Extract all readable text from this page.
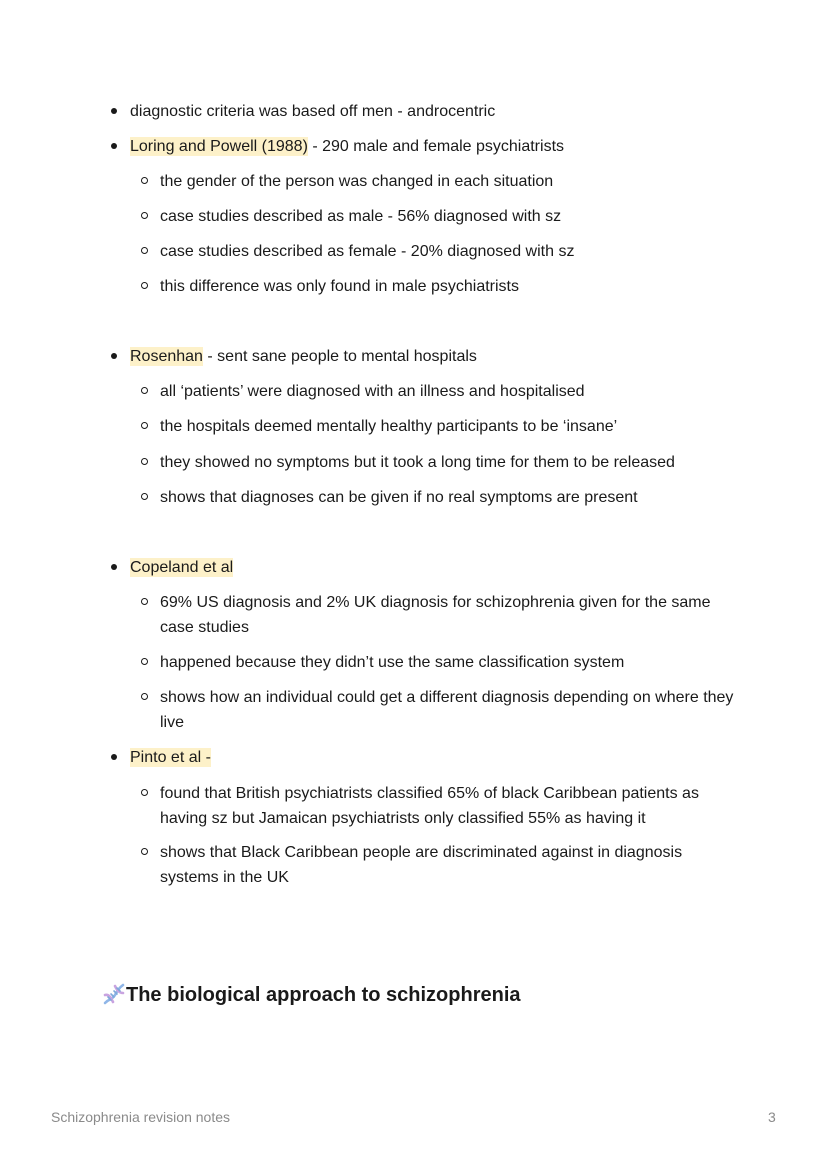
diagnostic criteria was based off men - androcentric
Loring and Powell (1988) - 290 male and female psychiatrists
the gender of the person was changed in each situation
case studies described as male - 56% diagnosed with sz
case studies described as female - 20% diagnosed with sz
this difference was only found in male psychiatrists
Rosenhan - sent sane people to mental hospitals
all ‘patients’ were diagnosed with an illness and hospitalised
the hospitals deemed mentally healthy participants to be ‘insane’
they showed no symptoms but it took a long time for them to be released
shows that diagnoses can be given if no real symptoms are present
Copeland et al
69% US diagnosis and 2% UK diagnosis for schizophrenia given for the same case studies
happened because they didn’t use the same classification system
shows how an individual could get a different diagnosis depending on where they live
Pinto et al -
found that British psychiatrists classified 65% of black Caribbean patients as having sz but Jamaican psychiatrists only classified 55% as having it
shows that Black Caribbean people are discriminated against in diagnosis systems in the UK
The biological approach to schizophrenia
Schizophrenia revision notes	3
